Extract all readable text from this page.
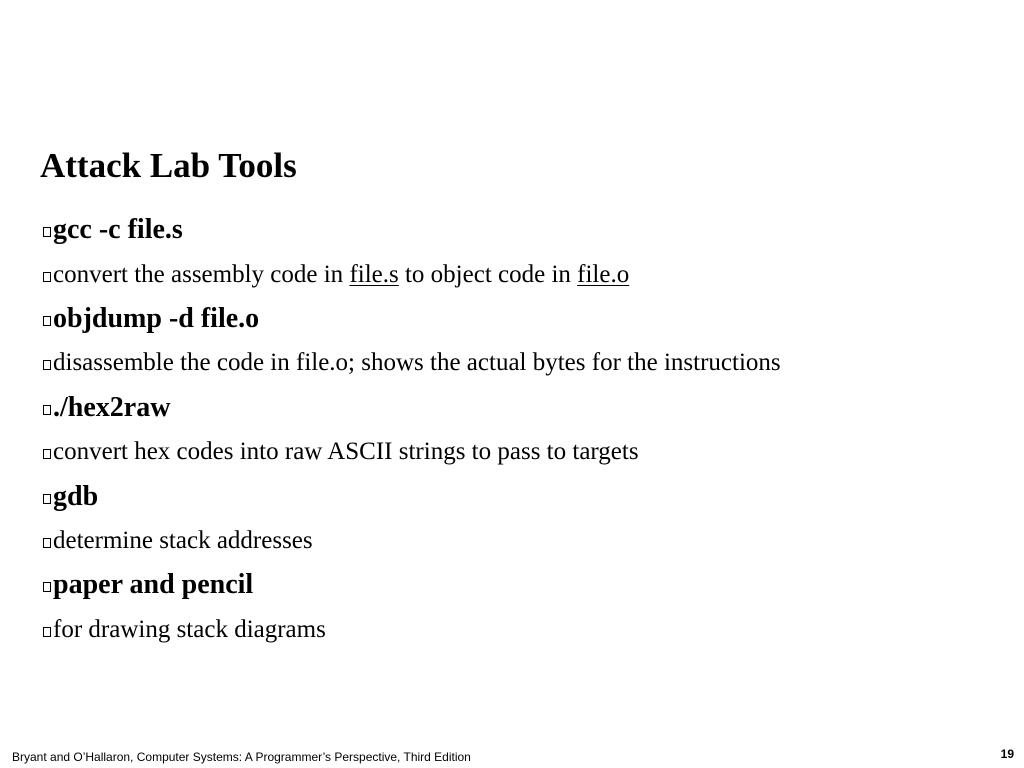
Attack Lab Tools
gcc -c file.s
convert the assembly code in file.s to object code in file.o
objdump -d file.o
disassemble the code in file.o; shows the actual bytes for the instructions
./hex2raw
convert hex codes into raw ASCII strings to pass to targets
gdb
determine stack addresses
paper and pencil
for drawing stack diagrams
Bryant and O’Hallaron, Computer Systems: A Programmer’s Perspective, Third Edition	19
